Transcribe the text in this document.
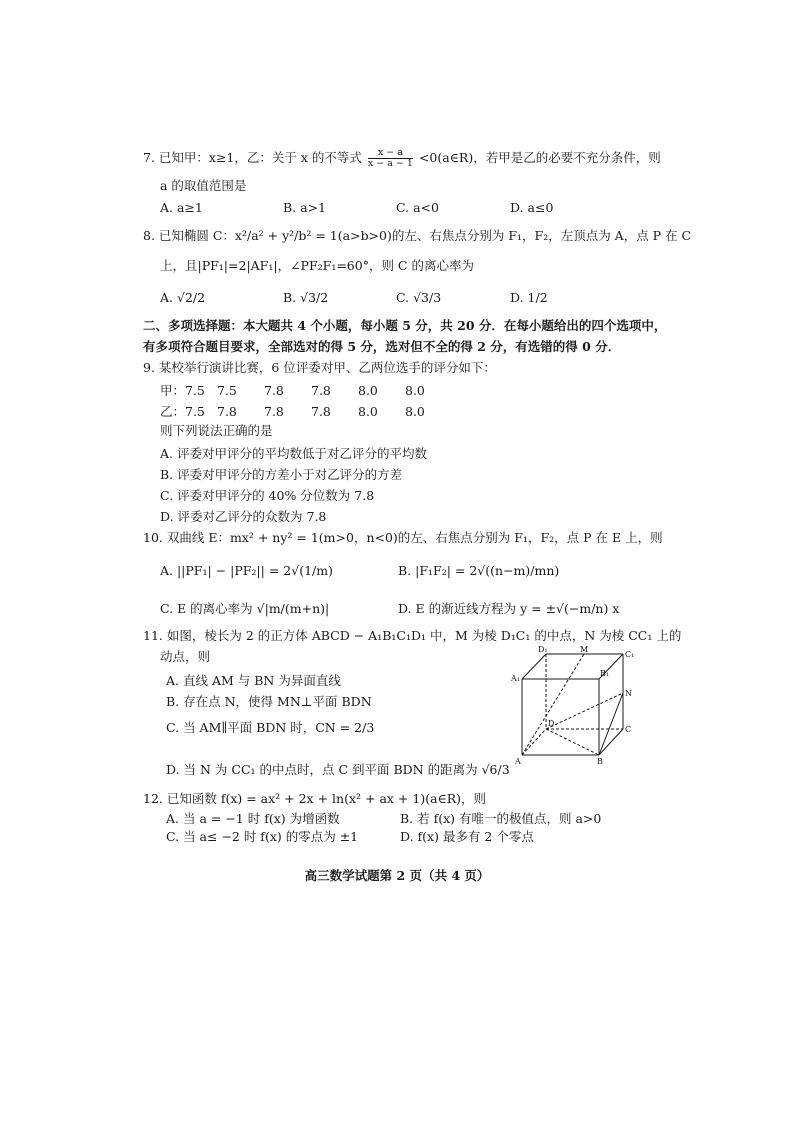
7. 已知甲：x≥1，乙：关于 x 的不等式 $\frac{x - a}{x - a - 1}$ <0(a∈R)，若甲是乙的必要不充分条件，则
a 的取值范围是
A. a≥1	B. a>1	C. a<0	D. a≤0
8. 已知椭圆 C：x²/a² + y²/b² = 1(a>b>0)的左、右焦点分别为 F₁，F₂，左顶点为 A，点 P 在 C
上，且|PF₁|=2|AF₁|，∠PF₂F₁=60°，则 C 的离心率为
A. √2/2	B. √3/2	C. √3/3	D. 1/2
二、多项选择题：本大题共 4 个小题，每小题 5 分，共 20 分．在每小题给出的四个选项中，
有多项符合题目要求，全部选对的得 5 分，选对但不全的得 2 分，有选错的得 0 分．
9. 某校举行演讲比赛，6 位评委对甲、乙两位选手的评分如下：
甲：7.5 7.5 7.8 7.8 8.0 8.0
乙：7.5 7.8 7.8 7.8 8.0 8.0
则下列说法正确的是
A. 评委对甲评分的平均数低于对乙评分的平均数
B. 评委对甲评分的方差小于对乙评分的方差
C. 评委对甲评分的 40% 分位数为 7.8
D. 评委对乙评分的众数为 7.8
10. 双曲线 E：mx² + ny² = 1(m>0，n<0)的左、右焦点分别为 F₁，F₂，点 P 在 E 上，则
A. ||PF₁| − |PF₂|| = 2√(1/m)	B. |F₁F₂| = 2√((n−m)/mn)
C. E 的离心率为 √|m/(m+n)|	D. E 的渐近线方程为 y = ±√(−m/n) x
11. 如图，棱长为 2 的正方体 ABCD − A₁B₁C₁D₁ 中，M 为棱 D₁C₁ 的中点，N 为棱 CC₁ 上的
动点，则
A. 直线 AM 与 BN 为异面直线
B. 存在点 N，使得 MN⊥平面 BDN
C. 当 AM∥平面 BDN 时，CN = 2/3
D. 当 N 为 CC₁ 的中点时，点 C 到平面 BDN 的距离为 √6/3
D₁	M
C₁
A₁
B₁
N
D
C
A	B
12. 已知函数 f(x) = ax² + 2x + ln(x² + ax + 1)(a∈R)，则
A. 当 a = −1 时 f(x) 为增函数	B. 若 f(x) 有唯一的极值点，则 a>0
C. 当 a≤ −2 时 f(x) 的零点为 ±1	D. f(x) 最多有 2 个零点
高三数学试题第 2 页（共 4 页）
